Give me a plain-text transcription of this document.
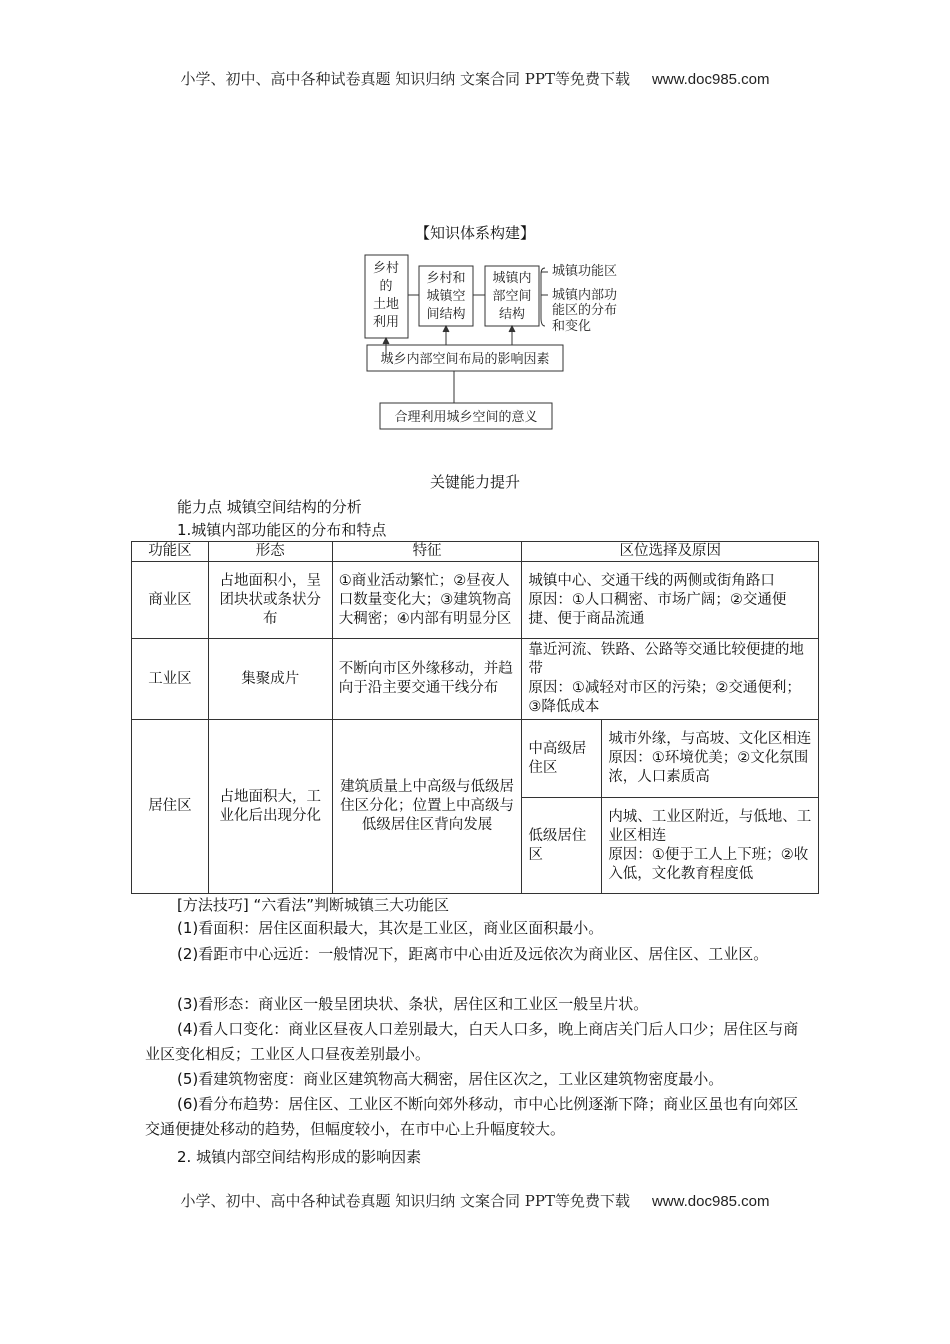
小学、初中、高中各种试卷真题 知识归纳 文案合同 PPT等免费下载 www.doc985.com
【知识体系构建】
乡村
的
土地
利用
乡村和
城镇空
间结构
城镇内
部空间
结构
城镇功能区
城镇内部功
能区的分布
和变化
城乡内部空间布局的影响因素
合理利用城乡空间的意义
关键能力提升
能力点 城镇空间结构的分析
1.城镇内部功能区的分布和特点
功能区	形态	特征	区位选择及原因	
商业区	占地面积小，呈团块状或条状分布	①商业活动繁忙；②昼夜人口数量变化大；③建筑物高大稠密；④内部有明显分区	城镇中心、交通干线的两侧或街角路口
原因：①人口稠密、市场广阔；②交通便捷、便于商品流通	

工业区	集聚成片	不断向市区外缘移动，并趋向于沿主要交通干线分布	靠近河流、铁路、公路等交通比较便捷的地带
原因：①减轻对市区的污染；②交通便利；③降低成本	

居住区	占地面积大，工业化后出现分化	建筑质量上中高级与低级居住区分化；位置上中高级与低级居住区背向发展	中高级居住区	城市外缘，与高坡、文化区相连
原因：①环境优美；②文化氛围浓，人口素质高

			低级居住区	内城、工业区附近，与低地、工业区相连
原因：①便于工人上下班；②收入低，文化教育程度低
[方法技巧] “六看法”判断城镇三大功能区
(1)看面积：居住区面积最大，其次是工业区，商业区面积最小。
(2)看距市中心远近：一般情况下，距离市中心由近及远依次为商业区、居住区、工业区。
(3)看形态：商业区一般呈团块状、条状，居住区和工业区一般呈片状。
(4)看人口变化：商业区昼夜人口差别最大，白天人口多，晚上商店关门后人口少；居住区与商业区变化相反；工业区人口昼夜差别最小。
(5)看建筑物密度：商业区建筑物高大稠密，居住区次之，工业区建筑物密度最小。
(6)看分布趋势：居住区、工业区不断向郊外移动，市中心比例逐渐下降；商业区虽也有向郊区交通便捷处移动的趋势，但幅度较小，在市中心上升幅度较大。
2. 城镇内部空间结构形成的影响因素
小学、初中、高中各种试卷真题 知识归纳 文案合同 PPT等免费下载 www.doc985.com
